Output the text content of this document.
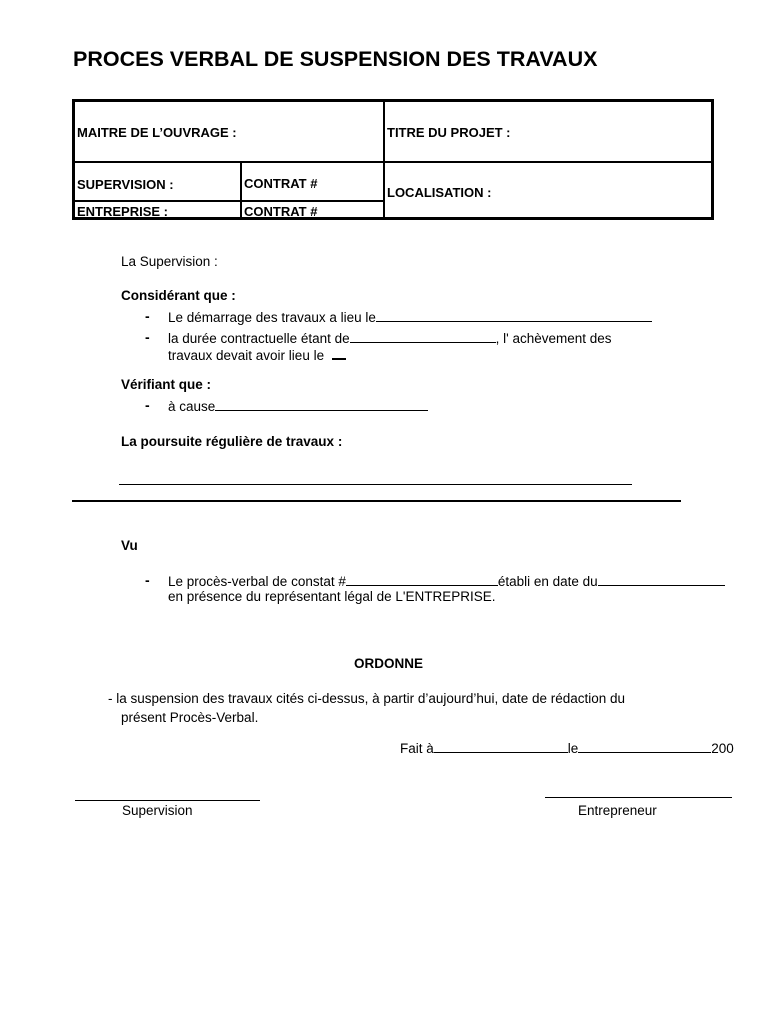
PROCES VERBAL DE SUSPENSION DES TRAVAUX
MAITRE DE L’OUVRAGE :	TITRE DU PROJET :
SUPERVISION :	CONTRAT #
LOCALISATION :
ENTREPRISE :	CONTRAT #
La Supervision :
Considérant que :
- Le démarrage des travaux a lieu le
- la durée contractuelle étant de	, l' achèvement des
travaux devait avoir lieu le
Vérifiant que :
- à cause
La poursuite régulière de travaux :
Vu
- Le procès-verbal de constat #	établi en date du
en présence du représentant légal de L'ENTREPRISE.
ORDONNE
- la suspension des travaux cités ci-dessus, à partir d’aujourd’hui, date de rédaction du
présent Procès-Verbal.
Fait à	le	200
Supervision	Entrepreneur
